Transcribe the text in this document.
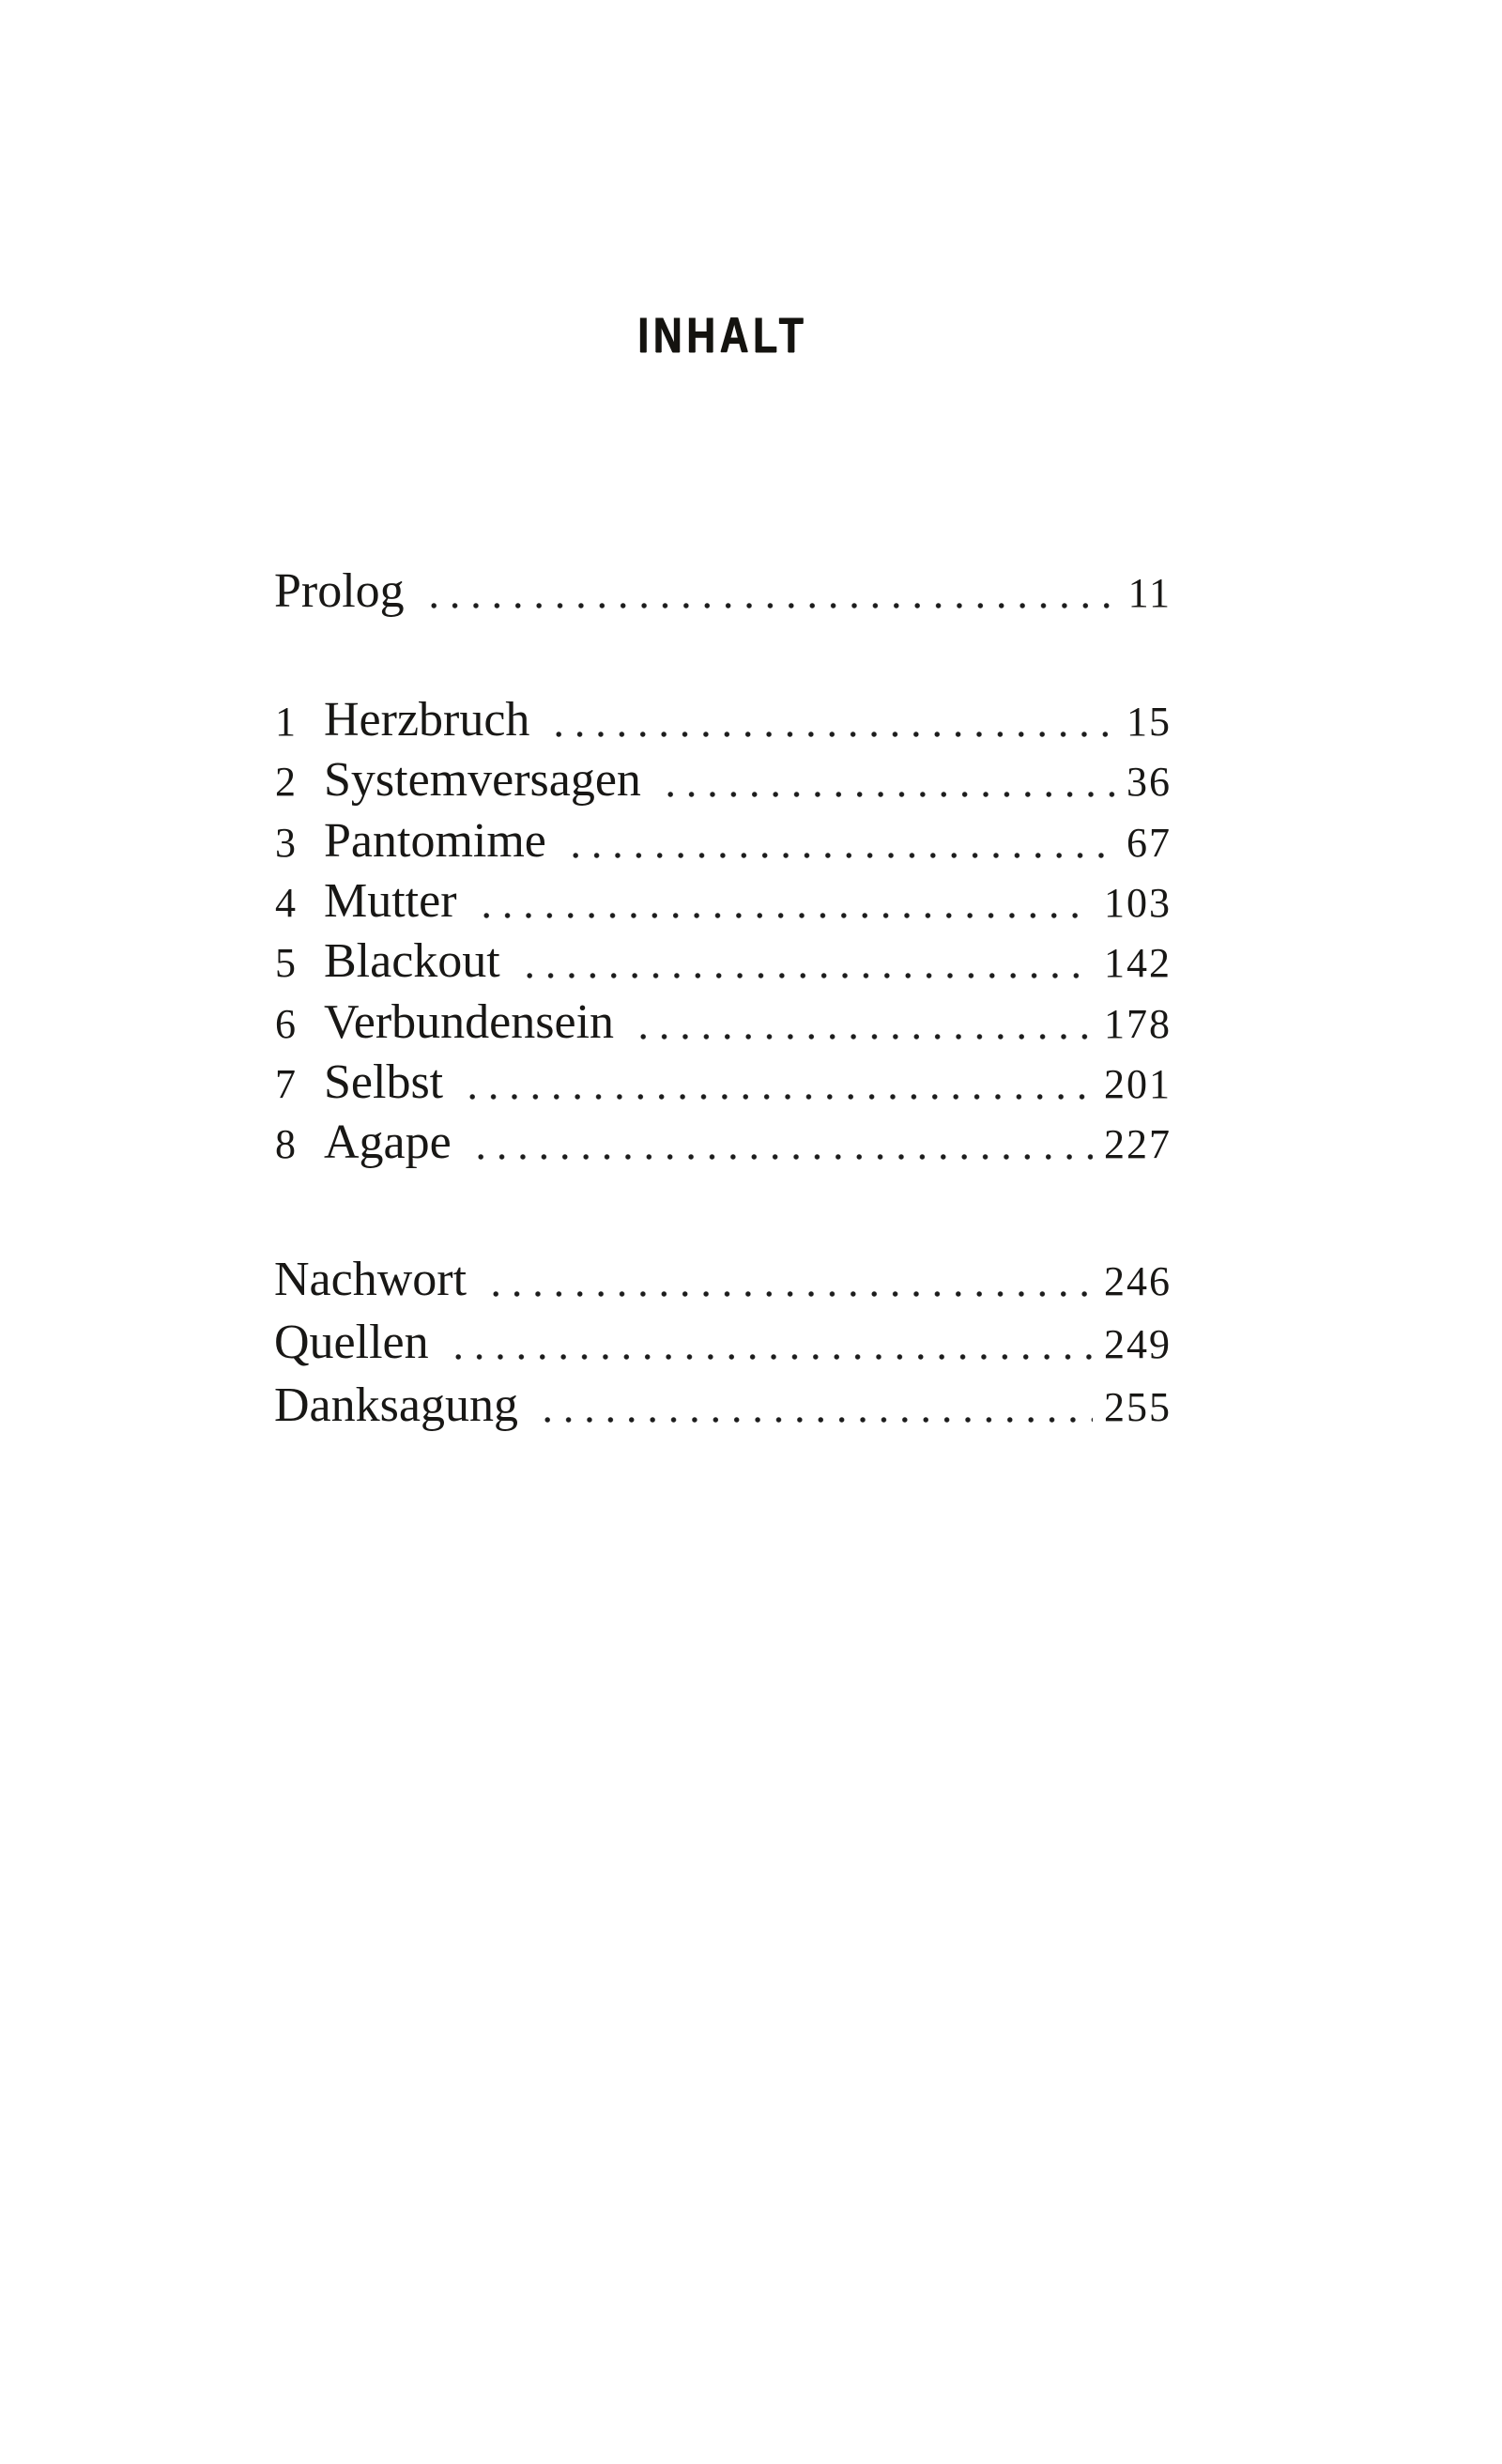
INHALT
Prolog	11
1 Herzbruch	15
2 Systemversagen	36
3 Pantomime	67
4 Mutter	103
5 Blackout	142
6 Verbundensein	178
7 Selbst	201
8 Agape	227
Nachwort	246
Quellen	249
Danksagung	255
